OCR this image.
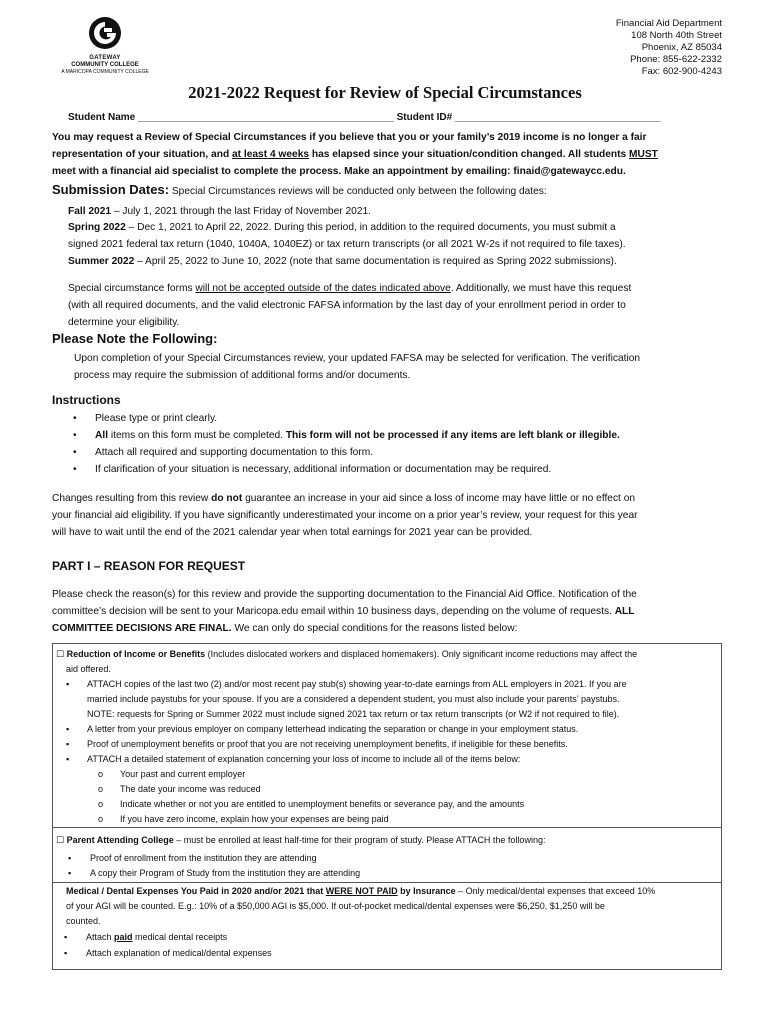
GATEWAY
COMMUNITY COLLEGE
A MARICOPA COMMUNITY COLLEGE
Financial Aid Department
108 North 40th Street
Phoenix, AZ 85034
Phone: 855-622-2332
Fax: 602-900-4243
2021-2022 Request for Review of Special Circumstances
Student Name ______________________________________________ Student ID# _____________________________________
You may request a Review of Special Circumstances if you believe that you or your family’s 2019 income is no longer a fair
representation of your situation, and at least 4 weeks has elapsed since your situation/condition changed. All students MUST
meet with a financial aid specialist to complete the process. Make an appointment by emailing: finaid@gatewaycc.edu.
Submission Dates: Special Circumstances reviews will be conducted only between the following dates:
Fall 2021 – July 1, 2021 through the last Friday of November 2021.
Spring 2022 – Dec 1, 2021 to April 22, 2022. During this period, in addition to the required documents, you must submit a
signed 2021 federal tax return (1040, 1040A, 1040EZ) or tax return transcripts (or all 2021 W-2s if not required to file taxes).
Summer 2022 – April 25, 2022 to June 10, 2022 (note that same documentation is required as Spring 2022 submissions).
Special circumstance forms will not be accepted outside of the dates indicated above. Additionally, we must have this request
(with all required documents, and the valid electronic FAFSA information by the last day of your enrollment period in order to
determine your eligibility.
Please Note the Following:
Upon completion of your Special Circumstances review, your updated FAFSA may be selected for verification. The verification
process may require the submission of additional forms and/or documents.
Instructions
• Please type or print clearly.
• All items on this form must be completed. This form will not be processed if any items are left blank or illegible.
• Attach all required and supporting documentation to this form.
• If clarification of your situation is necessary, additional information or documentation may be required.
Changes resulting from this review do not guarantee an increase in your aid since a loss of income may have little or no effect on
your financial aid eligibility. If you have significantly underestimated your income on a prior year’s review, your request for this year
will have to wait until the end of the 2021 calendar year when total earnings for 2021 year can be provided.
PART I – REASON FOR REQUEST
Please check the reason(s) for this review and provide the supporting documentation to the Financial Aid Office. Notification of the
committee’s decision will be sent to your Maricopa.edu email within 10 business days, depending on the volume of requests. ALL
COMMITTEE DECISIONS ARE FINAL. We can only do special conditions for the reasons listed below:
☐ Reduction of Income or Benefits (Includes dislocated workers and displaced homemakers). Only significant income reductions may affect the
aid offered.
▪ ATTACH copies of the last two (2) and/or most recent pay stub(s) showing year-to-date earnings from ALL employers in 2021. If you are
married include paystubs for your spouse. If you are a considered a dependent student, you must also include your parents’ paystubs.
NOTE: requests for Spring or Summer 2022 must include signed 2021 tax return or tax return transcripts (or W2 if not required to file).
▪ A letter from your previous employer on company letterhead indicating the separation or change in your employment status.
▪ Proof of unemployment benefits or proof that you are not receiving unemployment benefits, if ineligible for these benefits.
▪ ATTACH a detailed statement of explanation concerning your loss of income to include all of the items below:
o Your past and current employer
o The date your income was reduced
o Indicate whether or not you are entitled to unemployment benefits or severance pay, and the amounts
o If you have zero income, explain how your expenses are being paid
☐ Parent Attending College – must be enrolled at least half-time for their program of study. Please ATTACH the following:
▪ Proof of enrollment from the institution they are attending
▪ A copy their Program of Study from the institution they are attending
Medical / Dental Expenses You Paid in 2020 and/or 2021 that WERE NOT PAID by Insurance – Only medical/dental expenses that exceed 10%
of your AGI will be counted. E.g.: 10% of a $50,000 AGI is $5,000. If out-of-pocket medical/dental expenses were $6,250, $1,250 will be
counted.
▪ Attach paid medical dental receipts
▪ Attach explanation of medical/dental expenses
